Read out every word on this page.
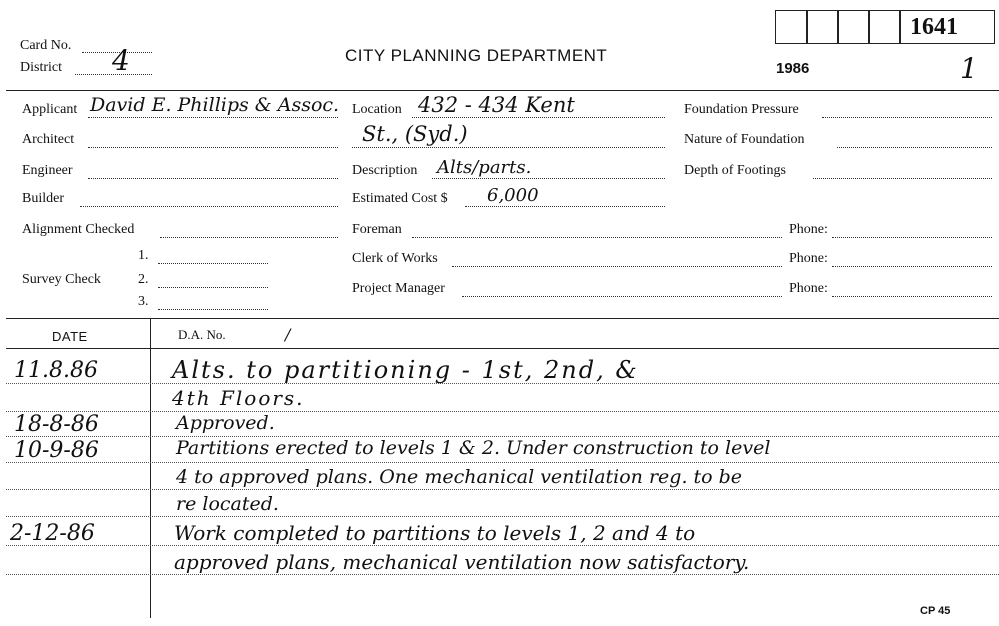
Card No.
District 4	CITY PLANNING DEPARTMENT
1986
1641
1
Applicant David E. Phillips & Assoc.
Architect
Engineer
Builder
Alignment Checked
Survey Check
1.
2.
3.
Location 432 - 434 Kent
St., (Syd.)
Description Alts/parts.
Estimated Cost $ 6,000
Foreman	Phone:
Clerk of Works	Phone:
Project Manager	Phone:
Foundation Pressure
Nature of Foundation
Depth of Footings
DATE	D.A. No.	/
11.8.86	Alts. to partitioning - 1st, 2nd, &
4th Floors.
18-8-86	Approved.
10-9-86	Partitions erected to levels 1 & 2. Under construction to level
4 to approved plans. One mechanical ventilation reg. to be
re located.
2-12-86	Work completed to partitions to levels 1, 2 and 4 to
approved plans, mechanical ventilation now satisfactory.
CP 45
